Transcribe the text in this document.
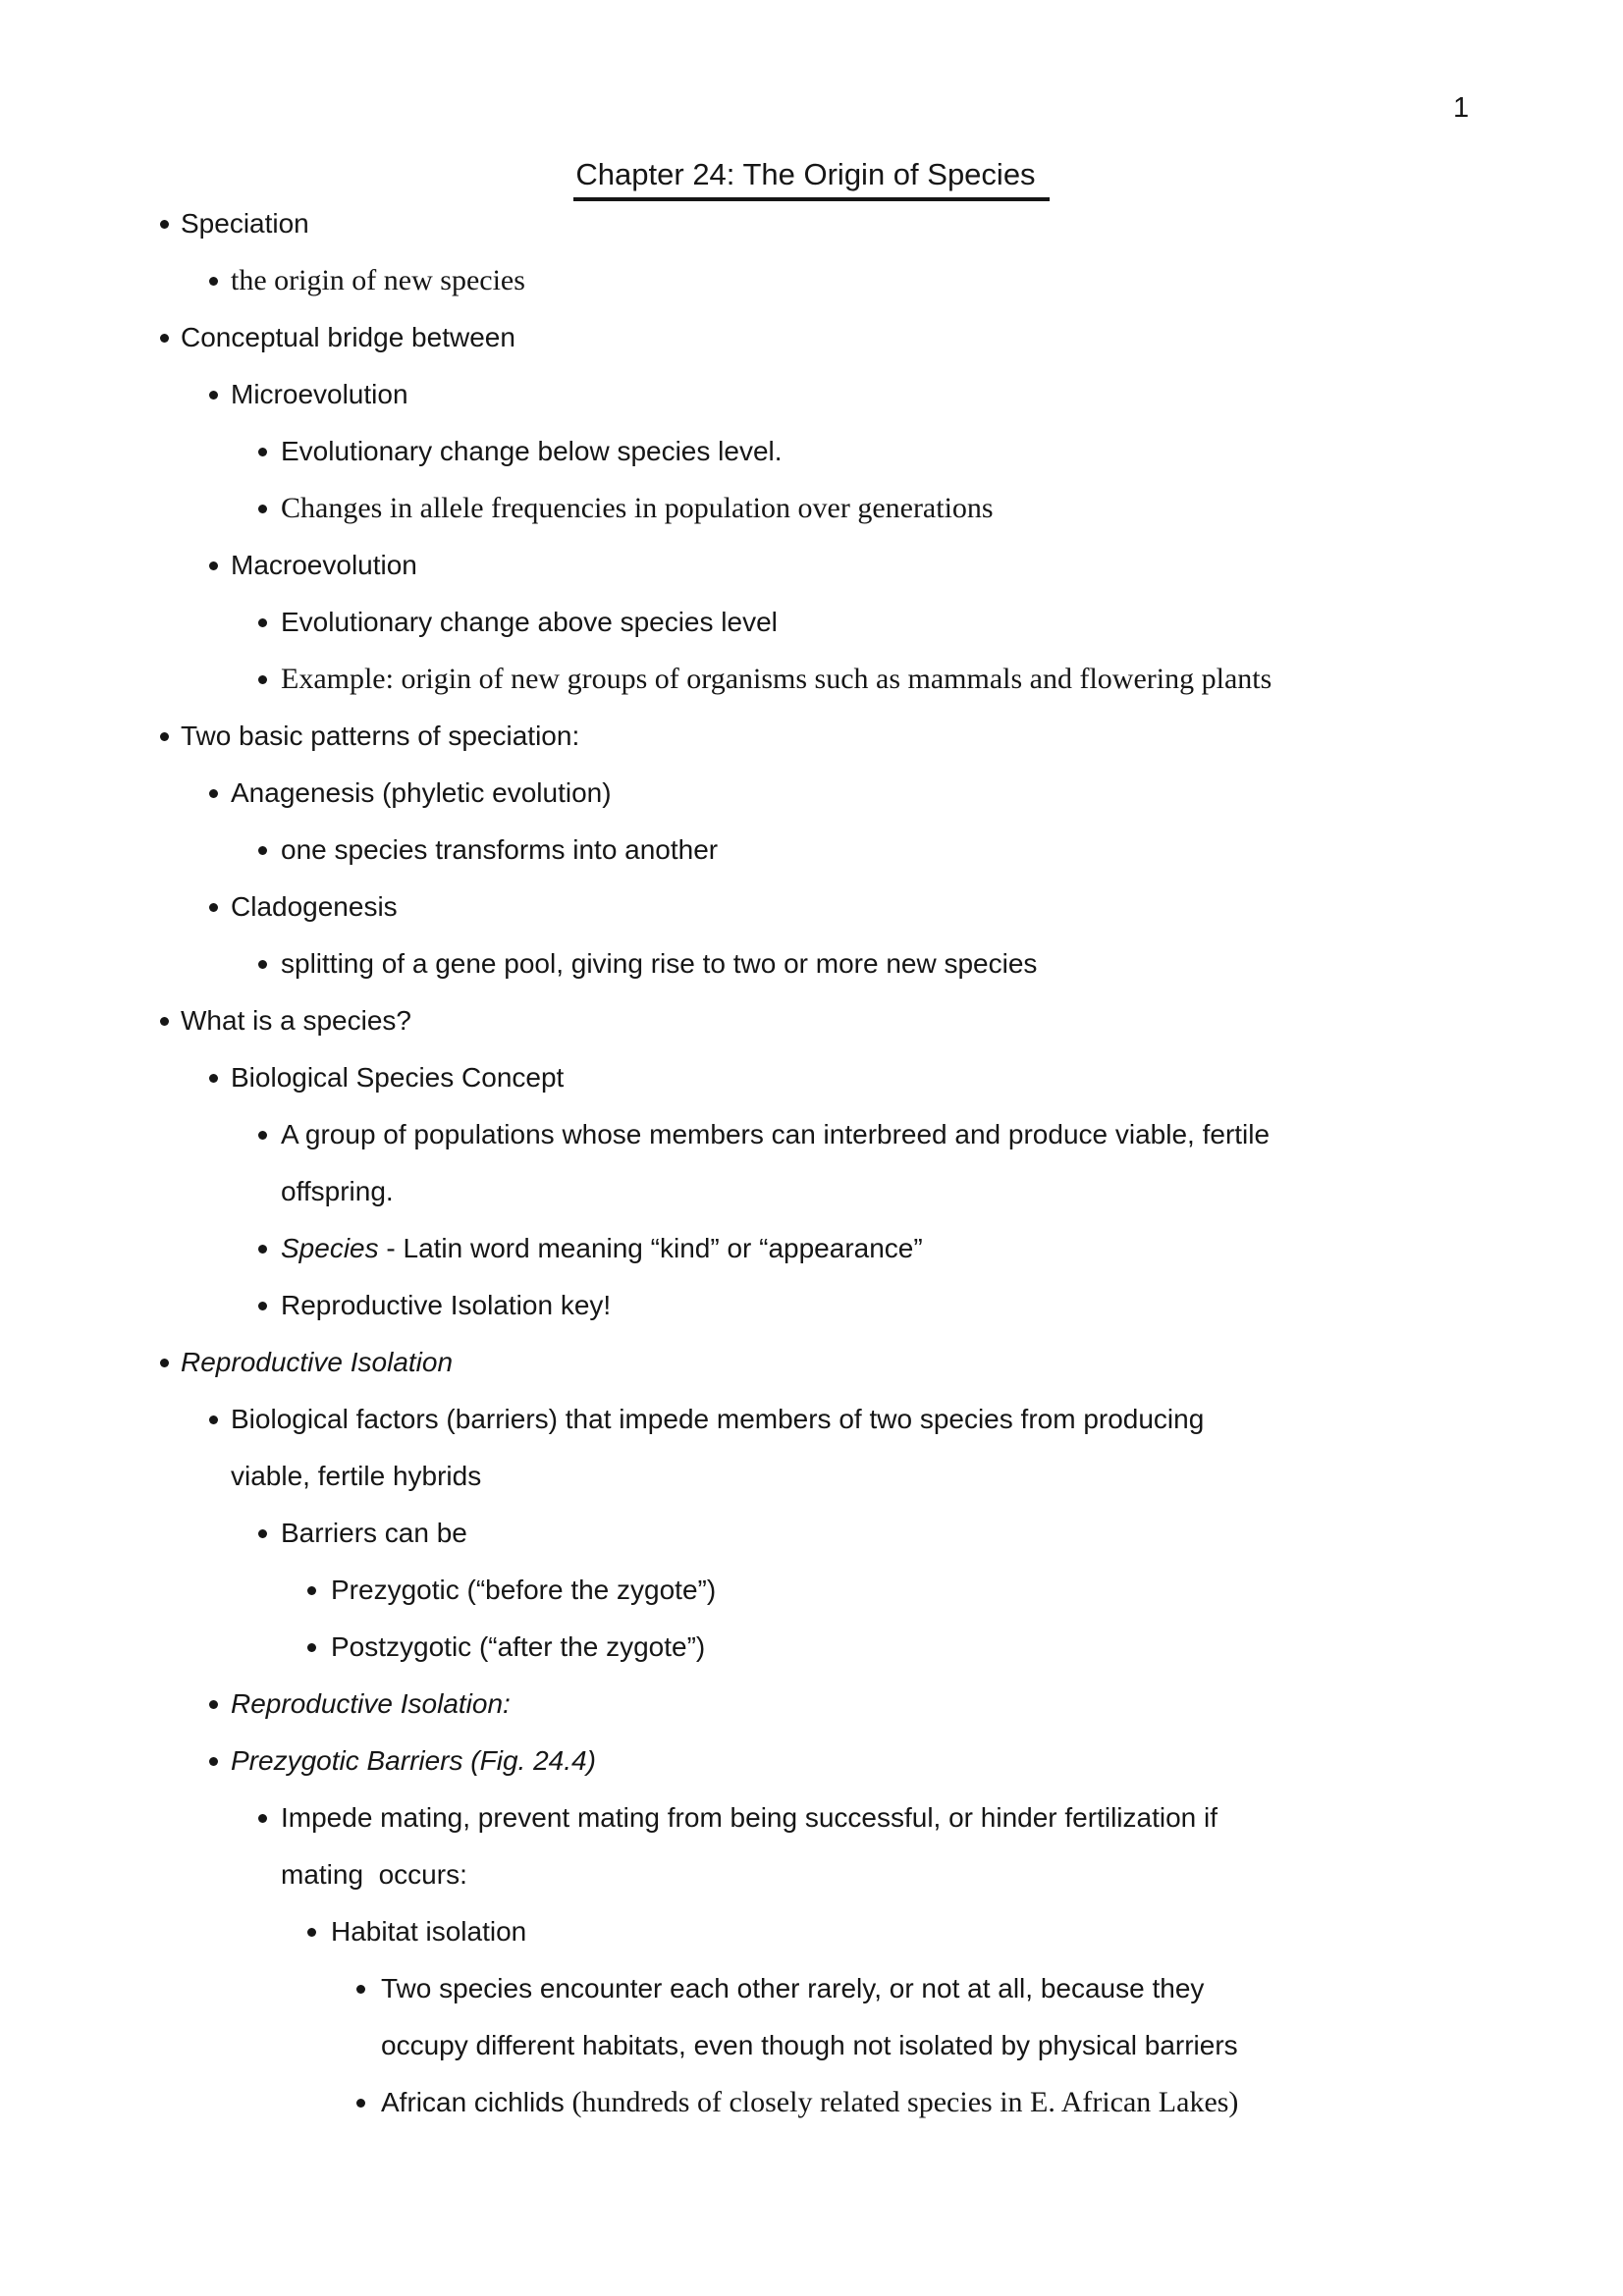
1
Chapter 24: The Origin of Species
Speciation
the origin of new species
Conceptual bridge between
Microevolution
Evolutionary change below species level.
Changes in allele frequencies in population over generations
Macroevolution
Evolutionary change above species level
Example: origin of new groups of organisms such as mammals and flowering plants
Two basic patterns of speciation:
Anagenesis (phyletic evolution)
one species transforms into another
Cladogenesis
splitting of a gene pool, giving rise to two or more new species
What is a species?
Biological Species Concept
A group of populations whose members can interbreed and produce viable, fertile
offspring.
Species - Latin word meaning “kind” or “appearance”
Reproductive Isolation key!
Reproductive Isolation
Biological factors (barriers) that impede members of two species from producing
viable, fertile hybrids
Barriers can be
Prezygotic (“before the zygote”)
Postzygotic (“after the zygote”)
Reproductive Isolation:
Prezygotic Barriers (Fig. 24.4)
Impede mating, prevent mating from being successful, or hinder fertilization if
mating  occurs:
Habitat isolation
Two species encounter each other rarely, or not at all, because they
occupy different habitats, even though not isolated by physical barriers
African cichlids (hundreds of closely related species in E. African Lakes)
